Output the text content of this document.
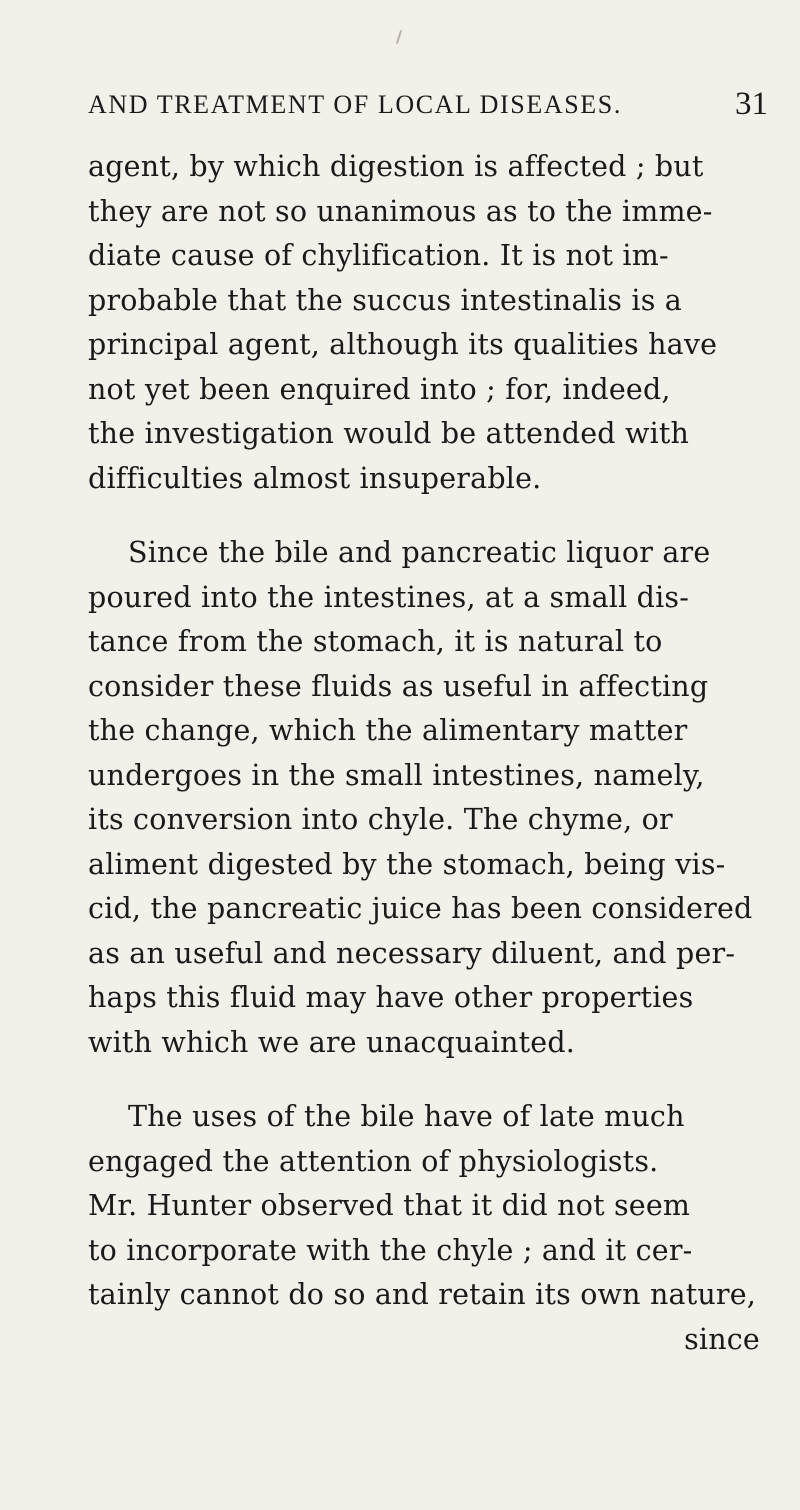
AND TREATMENT OF LOCAL DISEASES.	31
agent, by which digestion is affected ; but
they are not so unanimous as to the imme-
diate cause of chylification. It is not im-
probable that the succus intestinalis is a
principal agent, although its qualities have
not yet been enquired into ; for, indeed,
the investigation would be attended with
difficulties almost insuperable.
Since the bile and pancreatic liquor are
poured into the intestines, at a small dis-
tance from the stomach, it is natural to
consider these fluids as useful in affecting
the change, which the alimentary matter
undergoes in the small intestines, namely,
its conversion into chyle. The chyme, or
aliment digested by the stomach, being vis-
cid, the pancreatic juice has been considered
as an useful and necessary diluent, and per-
haps this fluid may have other properties
with which we are unacquainted.
The uses of the bile have of late much
engaged the attention of physiologists.
Mr. Hunter observed that it did not seem
to incorporate with the chyle ; and it cer-
tainly cannot do so and retain its own nature,
since
